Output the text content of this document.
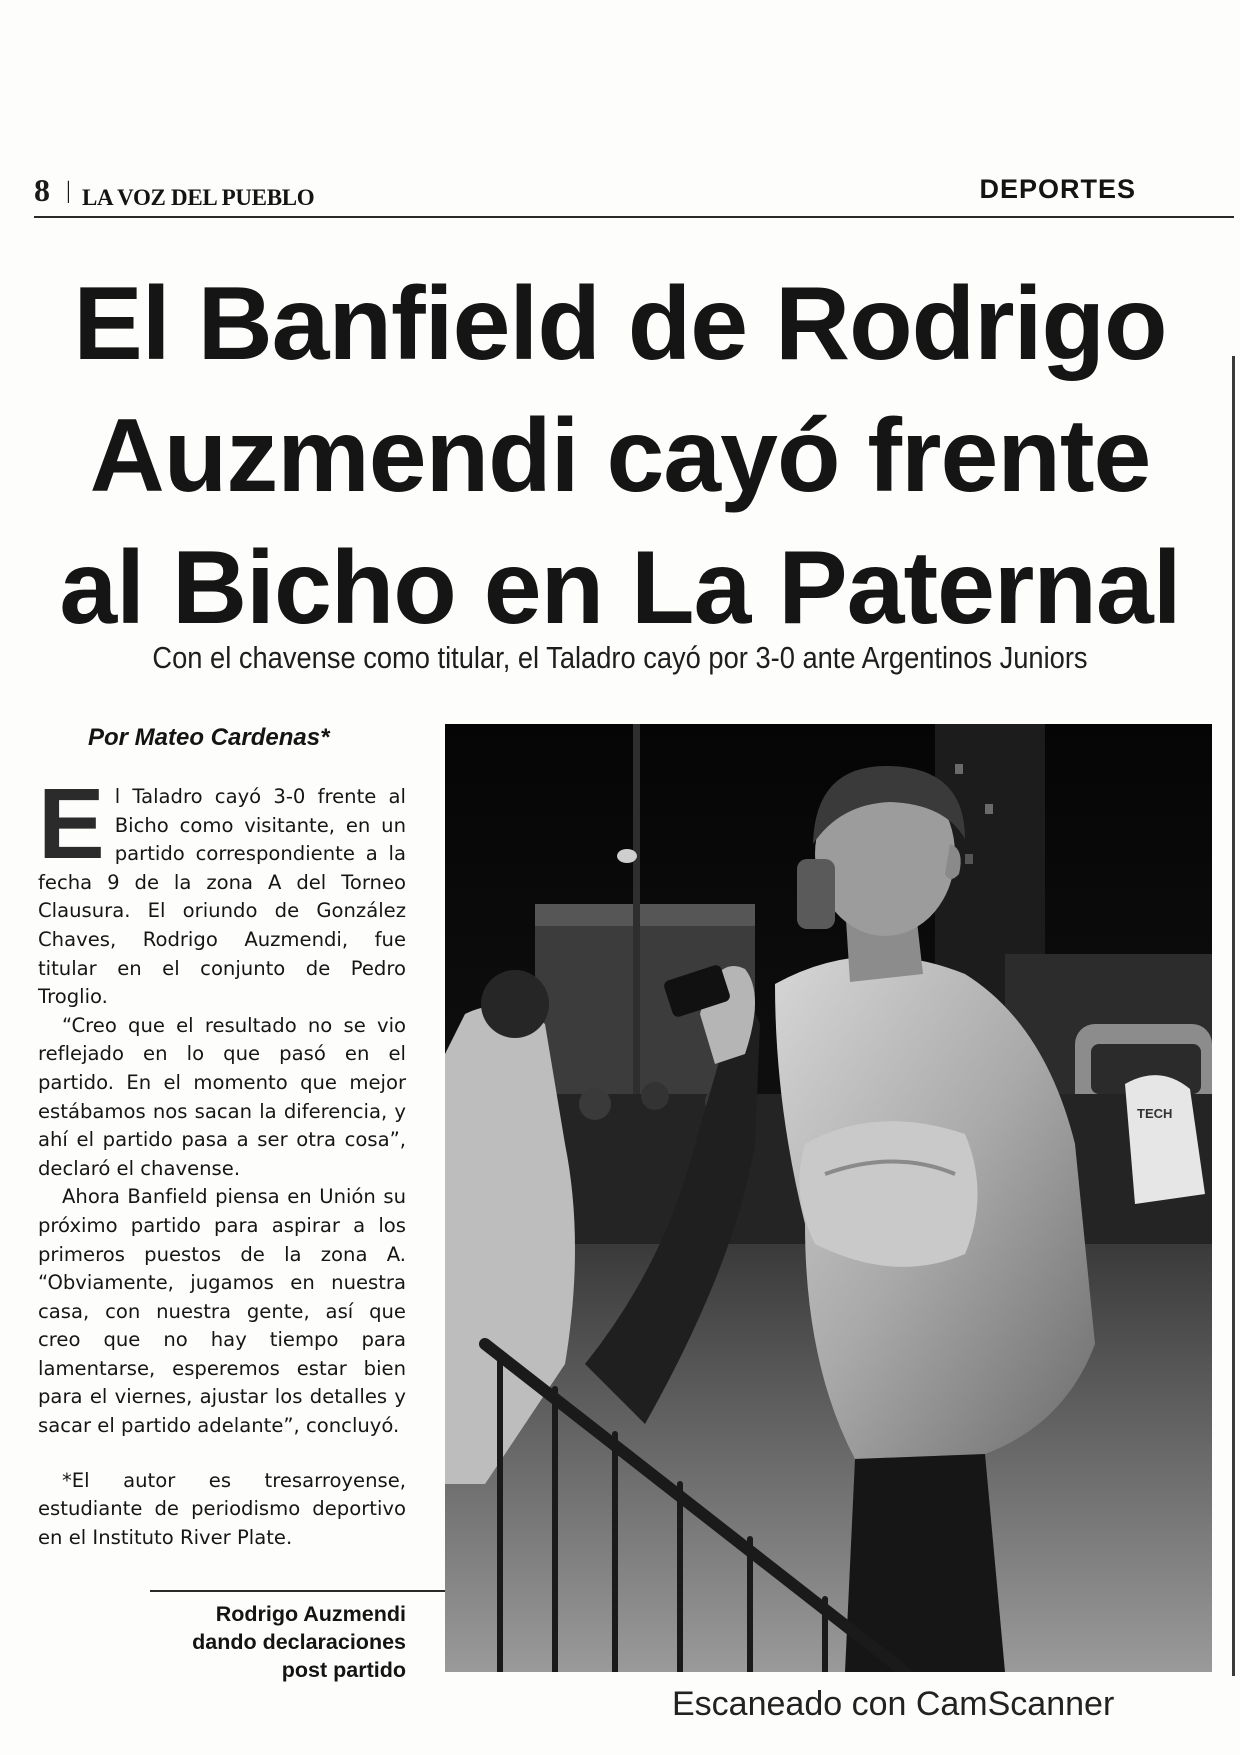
8 | LA VOZ DEL PUEBLO	DEPORTES
El Banfield de Rodrigo
Auzmendi cayó frente
al Bicho en La Paternal
Con el chavense como titular, el Taladro cayó por 3-0 ante Argentinos Juniors
Por Mateo Cardenas*

El Taladro cayó 3-0 frente al Bicho como visitante, en un partido correspondiente a la fecha 9 de la zona A del Torneo Clausura. El oriundo de González Chaves, Rodrigo Auzmendi, fue titular en el conjunto de Pedro Troglio.

“Creo que el resultado no se vio reflejado en lo que pasó en el partido. En el momento que mejor estábamos nos sacan la diferencia, y ahí el partido pasa a ser otra cosa”, declaró el chavense.

Ahora Banfield piensa en Unión su próximo partido para aspirar a los primeros puestos de la zona A. “Obviamente, jugamos en nuestra casa, con nuestra gente, así que creo que no hay tiempo para lamentarse, esperemos estar bien para el viernes, ajustar los detalles y sacar el partido adelante”, concluyó.

*El autor es tresarroyense, estudiante de periodismo deportivo en el Instituto River Plate.

Rodrigo Auzmendi
dando declaraciones
post partido
TECH
Escaneado con CamScanner
